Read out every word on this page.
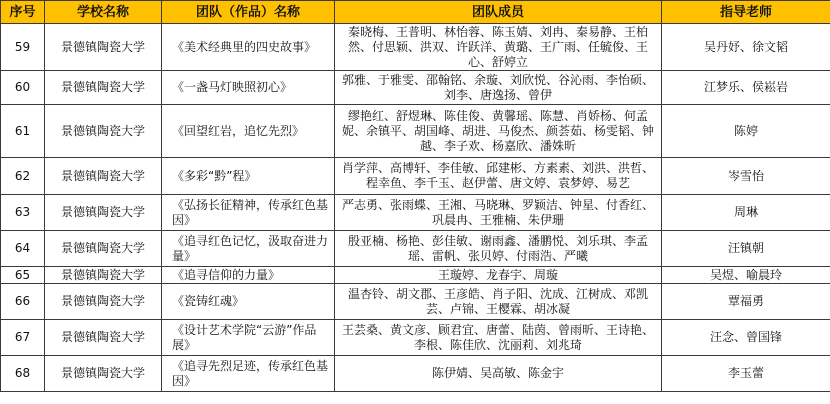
序号	学校名称	团队（作品）名称	团队成员	指导老师
59	景德镇陶瓷大学	《美术经典里的四史故事》	秦晓梅、王普明、林怡蓉、陈玉婧、刘冉、秦易静、王柏然、付思颖、洪双、许跃洋、黄璐、王广雨、任毓俊、王心、舒婷立	吴丹妤、徐文韬
60	景德镇陶瓷大学	《一盏马灯映照初心》	郭雅、于雅雯、邵翰铭、余璇、刘欣悦、谷沁雨、李怡硕、刘李、唐逸扬、曾伊	江梦乐、侯崧岩
61	景德镇陶瓷大学	《回望红岩，追忆先烈》	缪艳红、舒煜琳、陈佳俊、黄馨瑶、陈慧、肖娇杨、何孟妮、余镇平、胡国峰、胡进、马俊杰、颜荟茹、杨雯韬、钟越、李子欢、杨嘉欣、潘姝昕	陈婷
62	景德镇陶瓷大学	《多彩“黔”程》	肖学萍、高博轩、李佳敏、邱建彬、方素素、刘洪、洪哲、程幸鱼、李千玉、赵伊蕾、唐文婷、袁梦婷、易艺	岑雪怡
63	景德镇陶瓷大学	《弘扬长征精神，传承红色基因》	严志勇、张雨蝶、王湘、马晓琳、罗颖洁、钟星、付香红、巩晨冉、王雅楠、朱伊珊	周琳
64	景德镇陶瓷大学	《追寻红色记忆，汲取奋进力量》	殷亚楠、杨艳、彭佳敏、谢雨鑫、潘鹏悦、刘乐琪、李孟瑶、雷帆、张贝婷、付雨浩、严曦	汪镇朝
65	景德镇陶瓷大学	《追寻信仰的力量》	王璇婷、龙春宇、周璇	吴煜、喻晨玲
66	景德镇陶瓷大学	《瓷铸红魂》	温杏铃、胡文郡、王彦皓、肖子阳、沈成、江树成、邓凯芸、卢锦、王樱霖、胡冰凝	覃福勇
67	景德镇陶瓷大学	《设计艺术学院“云游”作品展》	王芸桑、黄文彦、顾君宜、唐蕾、陆茵、曾雨昕、王诗艳、李根、陈佳欣、沈丽莉、刘兆琦	汪念、曾国锋
68	景德镇陶瓷大学	《追寻先烈足迹，传承红色基因》	陈伊婧、吴高敏、陈金宇	李玉蕾
